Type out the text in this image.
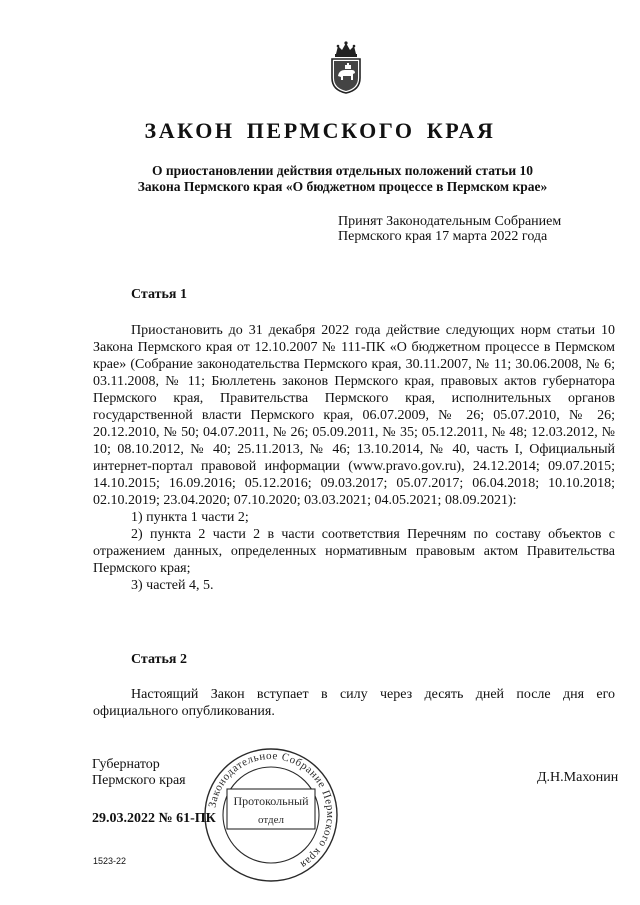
ЗАКОН ПЕРМСКОГО КРАЯ
О приостановлении действия отдельных положений статьи 10
Закона Пермского края «О бюджетном процессе в Пермском крае»
Принят Законодательным Собранием
Пермского края 17 марта 2022 года
Статья 1

Приостановить до 31 декабря 2022 года действие следующих норм статьи 10 Закона Пермского края от 12.10.2007 № 111-ПК «О бюджетном процессе в Пермском крае» (Собрание законодательства Пермского края, 30.11.2007, № 11; 30.06.2008, № 6; 03.11.2008, № 11; Бюллетень законов Пермского края, правовых актов губернатора Пермского края, Правительства Пермского края, исполнительных органов государственной власти Пермского края, 06.07.2009, № 26; 05.07.2010, № 26; 20.12.2010, № 50; 04.07.2011, № 26; 05.09.2011, № 35; 05.12.2011, № 48; 12.03.2012, № 10; 08.10.2012, № 40; 25.11.2013, № 46; 13.10.2014, № 40, часть I, Официальный интернет-портал правовой информации (www.pravo.gov.ru), 24.12.2014; 09.07.2015; 14.10.2015; 16.09.2016; 05.12.2016; 09.03.2017; 05.07.2017; 06.04.2018; 10.10.2018; 02.10.2019; 23.04.2020; 07.10.2020; 03.03.2021; 04.05.2021; 08.09.2021):

1) пункта 1 части 2;

2) пункта 2 части 2 в части соответствия Перечням по составу объектов с отражением данных, определенных нормативным правовым актом Правительства Пермского края;

3) частей 4, 5.

Статья 2

Настоящий Закон вступает в силу через десять дней после дня его официального опубликования.

Губернатор
Пермского края	Д.Н.Махонин
29.03.2022 № 61-ПК
Законодательное Собрание Пермского края
Протокольный
отдел
1523-22
